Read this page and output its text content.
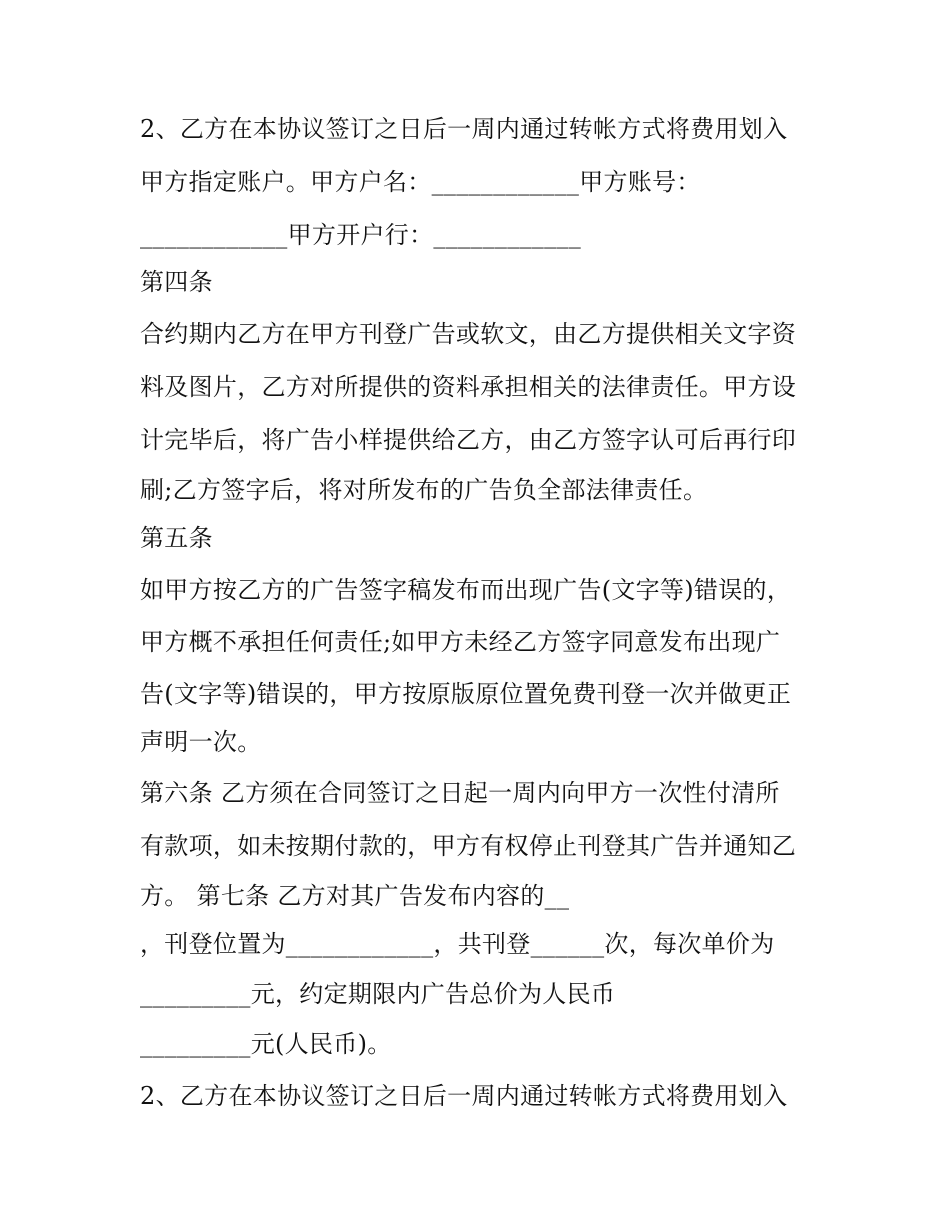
2、乙方在本协议签订之日后一周内通过转帐方式将费用划入

甲方指定账户。甲方户名：____________甲方账号：

____________甲方开户行：____________

第四条

合约期内乙方在甲方刊登广告或软文，由乙方提供相关文字资

料及图片，乙方对所提供的资料承担相关的法律责任。甲方设

计完毕后，将广告小样提供给乙方，由乙方签字认可后再行印

刷;乙方签字后，将对所发布的广告负全部法律责任。

第五条

如甲方按乙方的广告签字稿发布而出现广告(文字等)错误的，

甲方概不承担任何责任;如甲方未经乙方签字同意发布出现广

告(文字等)错误的，甲方按原版原位置免费刊登一次并做更正

声明一次。

第六条 乙方须在合同签订之日起一周内向甲方一次性付清所

有款项，如未按期付款的，甲方有权停止刊登其广告并通知乙

方。 第七条 乙方对其广告发布内容的__

，刊登位置为____________，共刊登______次，每次单价为

_________元，约定期限内广告总价为人民币

_________元(人民币)。

2、乙方在本协议签订之日后一周内通过转帐方式将费用划入
